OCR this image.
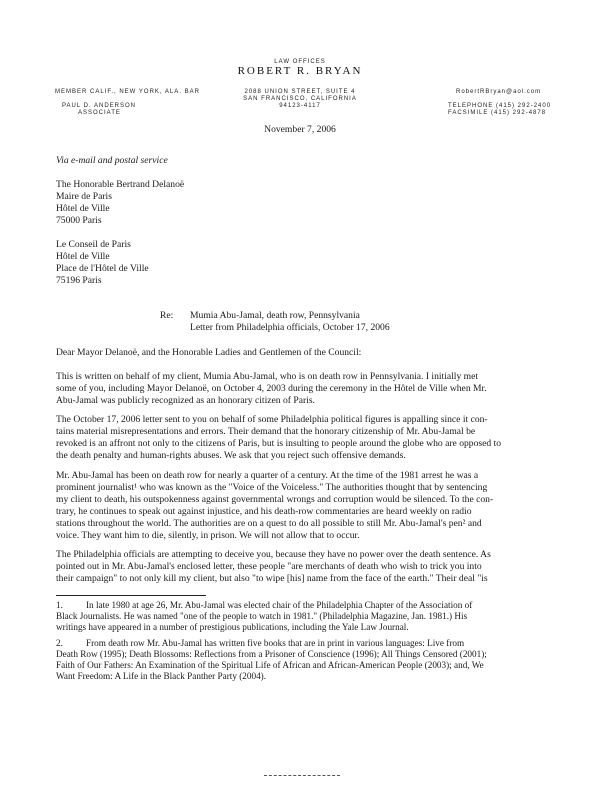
LAW OFFICES
ROBERT R. BRYAN
2088 UNION STREET, SUITE 4
SAN FRANCISCO, CALIFORNIA
94123-4117
MEMBER CALIF., NEW YORK, ALA. BAR
PAUL D. ANDERSON
ASSOCIATE
RobertRBryan@aol.com
TELEPHONE (415) 292-2400
FACSIMILE (415) 292-4878
November 7, 2006
Via e-mail and postal service
The Honorable Bertrand Delanoë
Maire de Paris
Hôtel de Ville
75000 Paris
Le Conseil de Paris
Hôtel de Ville
Place de l'Hôtel de Ville
75196 Paris
Re: Mumia Abu-Jamal, death row, Pennsylvania
Letter from Philadelphia officials, October 17, 2006
Dear Mayor Delanoë, and the Honorable Ladies and Gentlemen of the Council:
This is written on behalf of my client, Mumia Abu-Jamal, who is on death row in Pennsylvania. I initially met
some of you, including Mayor Delanoë, on October 4, 2003 during the ceremony in the Hôtel de Ville when Mr.
Abu-Jamal was publicly recognized as an honorary citizen of Paris.
The October 17, 2006 letter sent to you on behalf of some Philadelphia political figures is appalling since it con-
tains material misrepresentations and errors. Their demand that the honorary citizenship of Mr. Abu-Jamal be
revoked is an affront not only to the citizens of Paris, but is insulting to people around the globe who are opposed to
the death penalty and human-rights abuses. We ask that you reject such offensive demands.
Mr. Abu-Jamal has been on death row for nearly a quarter of a century. At the time of the 1981 arrest he was a
prominent journalist¹ who was known as the "Voice of the Voiceless." The authorities thought that by sentencing
my client to death, his outspokenness against governmental wrongs and corruption would be silenced. To the con-
trary, he continues to speak out against injustice, and his death-row commentaries are heard weekly on radio
stations throughout the world. The authorities are on a quest to do all possible to still Mr. Abu-Jamal's pen² and
voice. They want him to die, silently, in prison. We will not allow that to occur.
The Philadelphia officials are attempting to deceive you, because they have no power over the death sentence. As
pointed out in Mr. Abu-Jamal's enclosed letter, these people "are merchants of death who wish to trick you into
their campaign" to not only kill my client, but also "to wipe [his] name from the face of the earth." Their deal "is
1.	In late 1980 at age 26, Mr. Abu-Jamal was elected chair of the Philadelphia Chapter of the Association of
Black Journalists. He was named "one of the people to watch in 1981." (Philadelphia Magazine, Jan. 1981.) His
writings have appeared in a number of prestigious publications, including the Yale Law Journal.
2.	From death row Mr. Abu-Jamal has written five books that are in print in various languages: Live from
Death Row (1995); Death Blossoms: Reflections from a Prisoner of Conscience (1996); All Things Censored (2001);
Faith of Our Fathers: An Examination of the Spiritual Life of African and African-American People (2003); and, We
Want Freedom: A Life in the Black Panther Party (2004).
